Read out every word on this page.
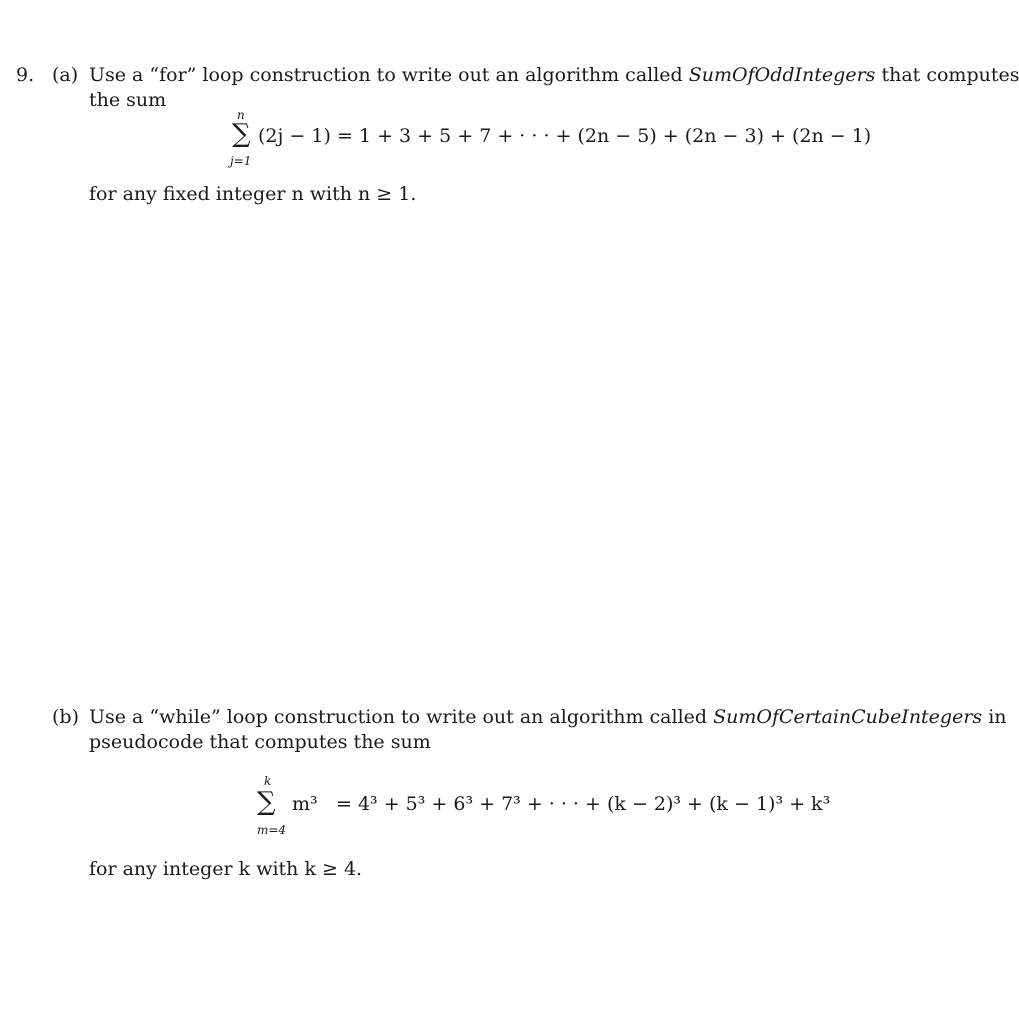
9. (a) Use a “for” loop construction to write out an algorithm called SumOfOddIntegers that computes
the sum
n
∑
j=1
(2j − 1) = 1 + 3 + 5 + 7 + · · · + (2n − 5) + (2n − 3) + (2n − 1)
for any fixed integer n with n ≥ 1.
(b) Use a “while” loop construction to write out an algorithm called SumOfCertainCubeIntegers in
pseudocode that computes the sum
k
∑
m=4
m³ = 4³ + 5³ + 6³ + 7³ + · · · + (k − 2)³ + (k − 1)³ + k³
for any integer k with k ≥ 4.
